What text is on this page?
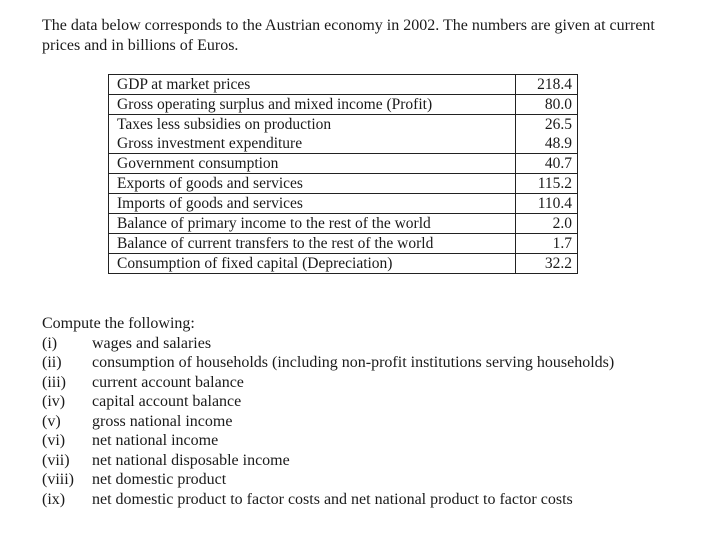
The data below corresponds to the Austrian economy in 2002. The numbers are given at current prices and in billions of Euros.
GDP at market prices	218.4
Gross operating surplus and mixed income (Profit)	80.0
Taxes less subsidies on production	26.5
Gross investment expenditure	48.9
Government consumption	40.7
Exports of goods and services	115.2
Imports of goods and services	110.4
Balance of primary income to the rest of the world	2.0
Balance of current transfers to the rest of the world	1.7
Consumption of fixed capital (Depreciation)	32.2
Compute the following:
(i)	wages and salaries
(ii)	consumption of households (including non-profit institutions serving households)
(iii)	current account balance
(iv)	capital account balance
(v)	gross national income
(vi)	net national income
(vii)	net national disposable income
(viii)	net domestic product
(ix)	net domestic product to factor costs and net national product to factor costs
